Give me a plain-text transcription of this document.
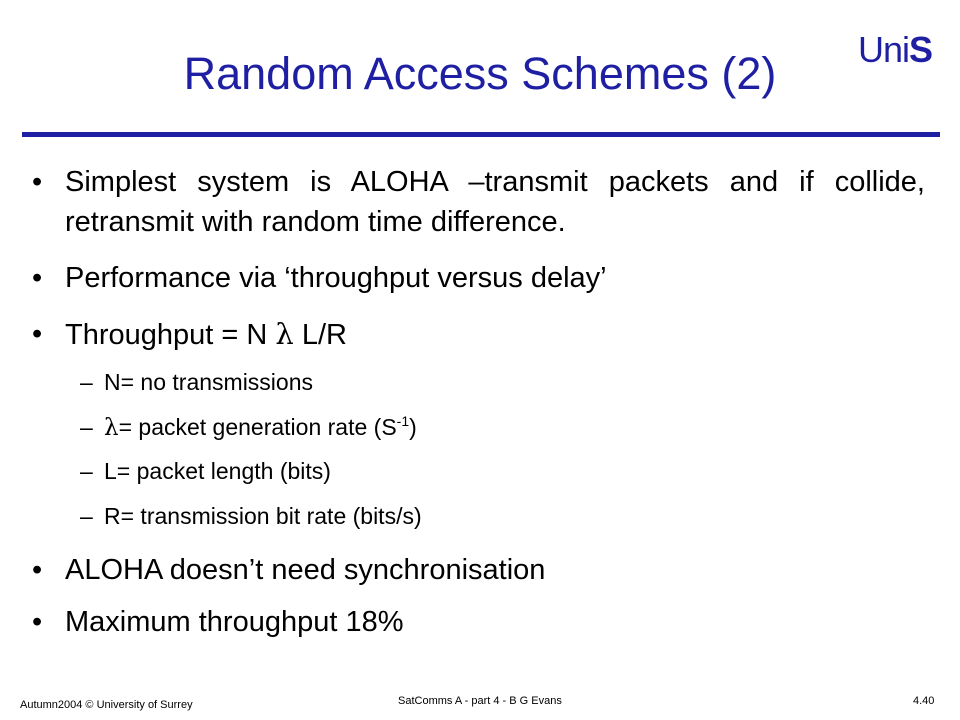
Random Access Schemes (2)	UniS
• Simplest system is ALOHA –transmit packets and if collide, retransmit with random time difference.
• Performance via ‘throughput versus delay’
• Throughput = N λ L/R
– N= no transmissions
– λ= packet generation rate $(S^{-1})$
– L= packet length (bits)
– R= transmission bit rate (bits/s)
• ALOHA doesn’t need synchronisation
• Maximum throughput 18%
Autumn2004 © University of Surrey	SatComms A - part 4 - B G Evans	4.40
